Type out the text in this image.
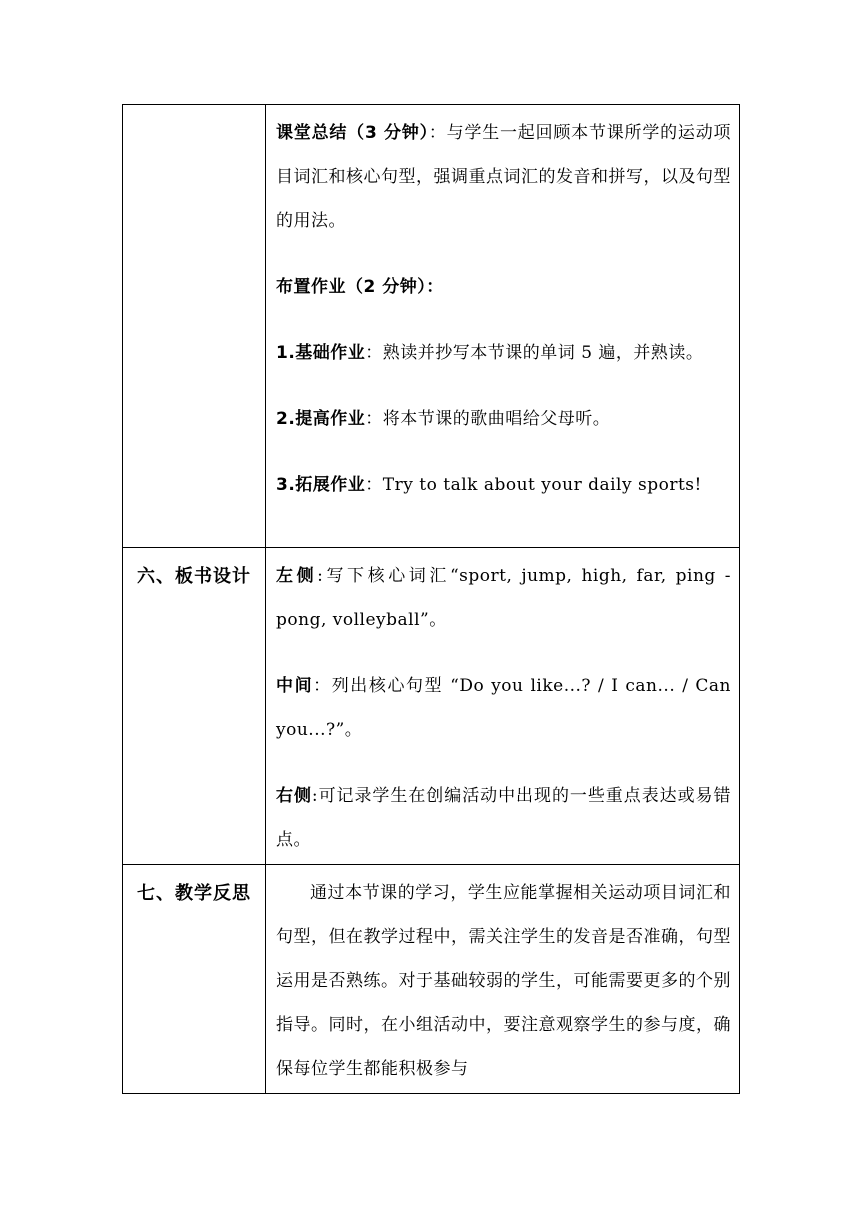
	课堂总结（3 分钟）：与学生一起回顾本节课所学的运动项目词汇和核心句型，强调重点词汇的发音和拼写，以及句型的用法。

布置作业（2 分钟）：

1.基础作业：熟读并抄写本节课的单词 5 遍，并熟读。

2.提高作业：将本节课的歌曲唱给父母听。

3.拓展作业：Try to talk about your daily sports!

六、板书设计	左侧:写下核心词汇“sport, jump, high, far, ping - pong, volleyball”。

中间：列出核心句型 “Do you like...? / I can... / Can you...?”。

右侧:可记录学生在创编活动中出现的一些重点表达或易错点。

七、教学反思	通过本节课的学习，学生应能掌握相关运动项目词汇和句型，但在教学过程中，需关注学生的发音是否准确，句型运用是否熟练。对于基础较弱的学生，可能需要更多的个别指导。同时，在小组活动中，要注意观察学生的参与度，确保每位学生都能积极参与
